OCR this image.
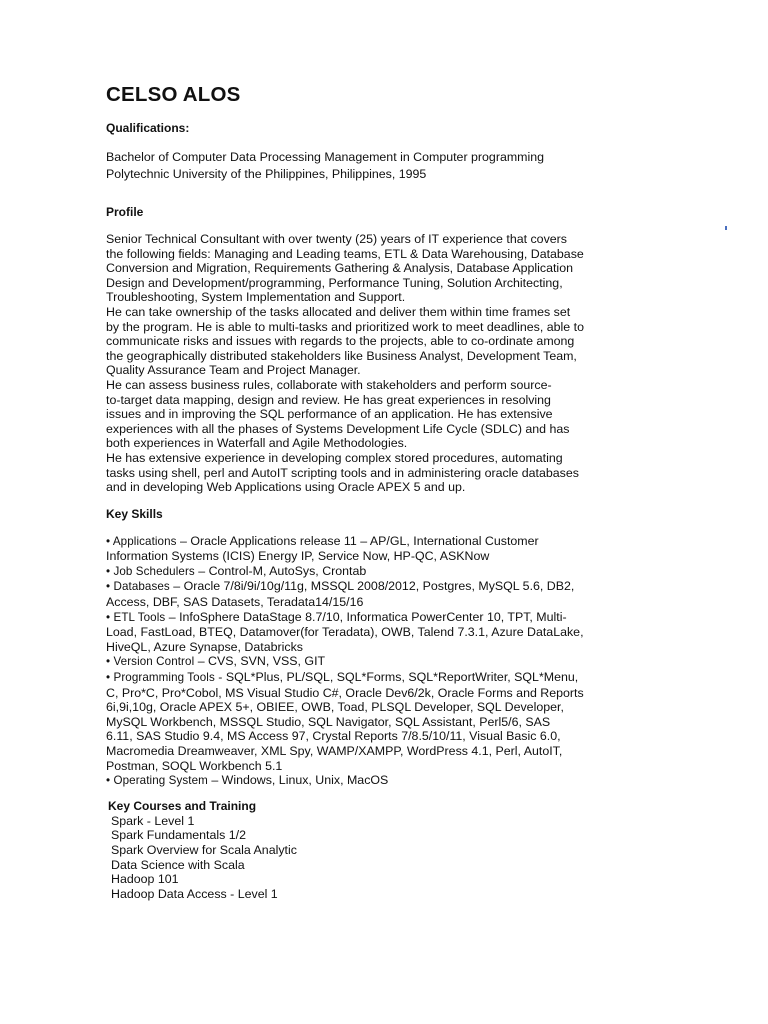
CELSO ALOS
Qualifications:

Bachelor of Computer Data Processing Management in Computer programming
Polytechnic University of the Philippines, Philippines, 1995

Profile

Senior Technical Consultant with over twenty (25) years of IT experience that covers
the following fields: Managing and Leading teams, ETL & Data Warehousing, Database
Conversion and Migration, Requirements Gathering & Analysis, Database Application
Design and Development/programming, Performance Tuning, Solution Architecting,
Troubleshooting, System Implementation and Support.
He can take ownership of the tasks allocated and deliver them within time frames set
by the program. He is able to multi-tasks and prioritized work to meet deadlines, able to
communicate risks and issues with regards to the projects, able to co-ordinate among
the geographically distributed stakeholders like Business Analyst, Development Team,
Quality Assurance Team and Project Manager.
He can assess business rules, collaborate with stakeholders and perform source-
to-target data mapping, design and review. He has great experiences in resolving
issues and in improving the SQL performance of an application. He has extensive
experiences with all the phases of Systems Development Life Cycle (SDLC) and has
both experiences in Waterfall and Agile Methodologies.
He has extensive experience in developing complex stored procedures, automating
tasks using shell, perl and AutoIT scripting tools and in administering oracle databases
and in developing Web Applications using Oracle APEX 5 and up.

Key Skills
• Applications – Oracle Applications release 11 – AP/GL, International Customer
Information Systems (ICIS) Energy IP, Service Now, HP-QC, ASKNow
• Job Schedulers – Control-M, AutoSys, Crontab
• Databases – Oracle 7/8i/9i/10g/11g, MSSQL 2008/2012, Postgres, MySQL 5.6, DB2,
Access, DBF, SAS Datasets, Teradata14/15/16
• ETL Tools – InfoSphere DataStage 8.7/10, Informatica PowerCenter 10, TPT, Multi-
Load, FastLoad, BTEQ, Datamover(for Teradata), OWB, Talend 7.3.1, Azure DataLake,
HiveQL, Azure Synapse, Databricks
• Version Control – CVS, SVN, VSS, GIT
• Programming Tools - SQL*Plus, PL/SQL, SQL*Forms, SQL*ReportWriter, SQL*Menu,
C, Pro*C, Pro*Cobol, MS Visual Studio C#, Oracle Dev6/2k, Oracle Forms and Reports
6i,9i,10g, Oracle APEX 5+, OBIEE, OWB, Toad, PLSQL Developer, SQL Developer,
MySQL Workbench, MSSQL Studio, SQL Navigator, SQL Assistant, Perl5/6, SAS
6.11, SAS Studio 9.4, MS Access 97, Crystal Reports 7/8.5/10/11, Visual Basic 6.0,
Macromedia Dreamweaver, XML Spy, WAMP/XAMPP, WordPress 4.1, Perl, AutoIT,
Postman, SOQL Workbench 5.1
• Operating System – Windows, Linux, Unix, MacOS
Key Courses and Training
Spark - Level 1
Spark Fundamentals 1/2
Spark Overview for Scala Analytic
Data Science with Scala
Hadoop 101
Hadoop Data Access - Level 1
